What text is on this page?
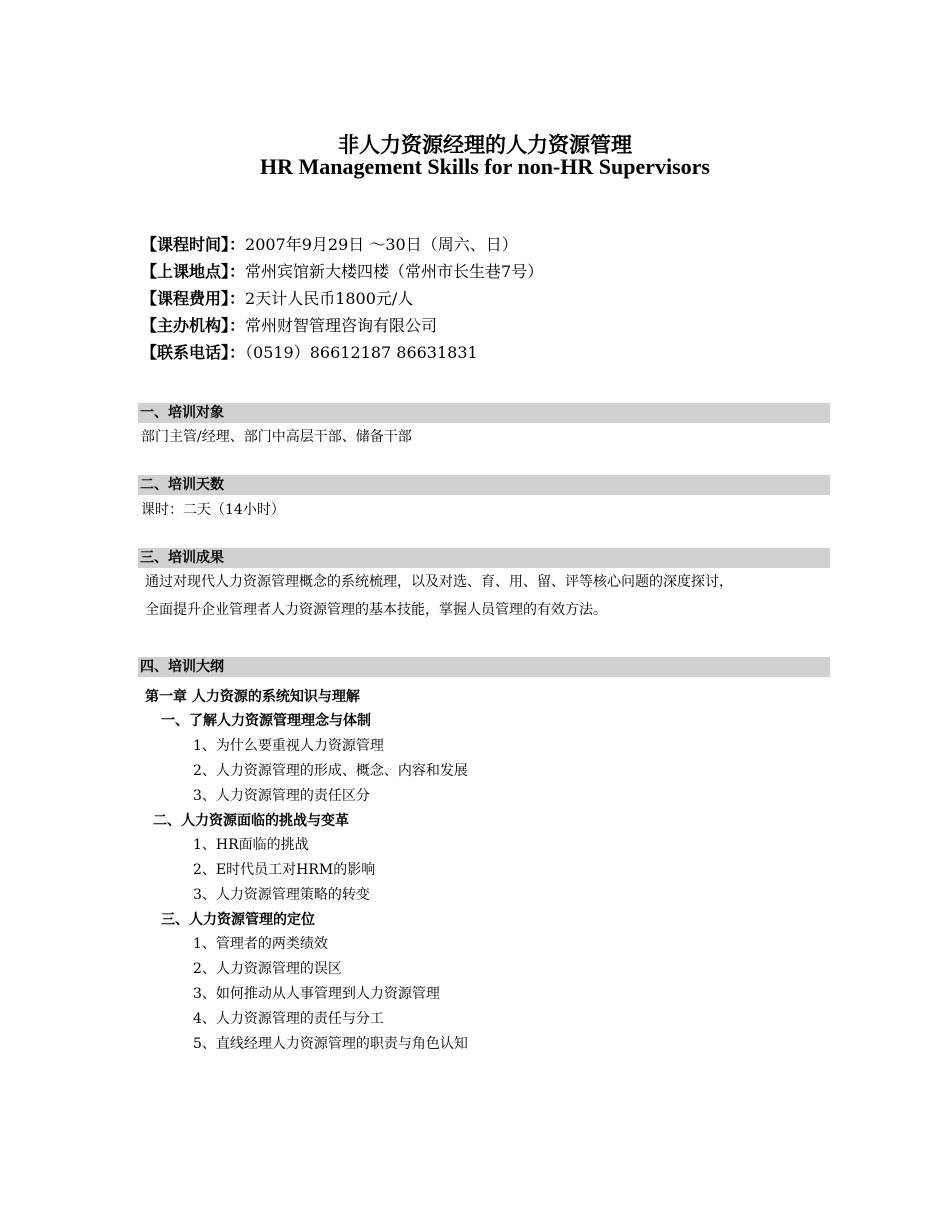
非人力资源经理的人力资源管理
HR Management Skills for non-HR Supervisors
【课程时间】：2007年9月29日 ～30日（周六、日）
【上课地点】：常州宾馆新大楼四楼（常州市长生巷7号）
【课程费用】：2天计人民币1800元/人
【主办机构】：常州财智管理咨询有限公司
【联系电话】：（0519）86612187 86631831
一、培训对象
部门主管/经理、部门中高层干部、储备干部
二、培训天数
课时：二天（14小时）
三、培训成果
通过对现代人力资源管理概念的系统梳理，以及对选、育、用、留、评等核心问题的深度探讨，
全面提升企业管理者人力资源管理的基本技能，掌握人员管理的有效方法。
四、培训大纲
第一章 人力资源的系统知识与理解
一、了解人力资源管理理念与体制
1、为什么要重视人力资源管理
2、人力资源管理的形成、概念、内容和发展
3、人力资源管理的责任区分
二、人力资源面临的挑战与变革
1、HR面临的挑战
2、E时代员工对HRM的影响
3、人力资源管理策略的转变
三、人力资源管理的定位
1、管理者的两类绩效
2、人力资源管理的误区
3、如何推动从人事管理到人力资源管理
4、人力资源管理的责任与分工
5、直线经理人力资源管理的职责与角色认知
